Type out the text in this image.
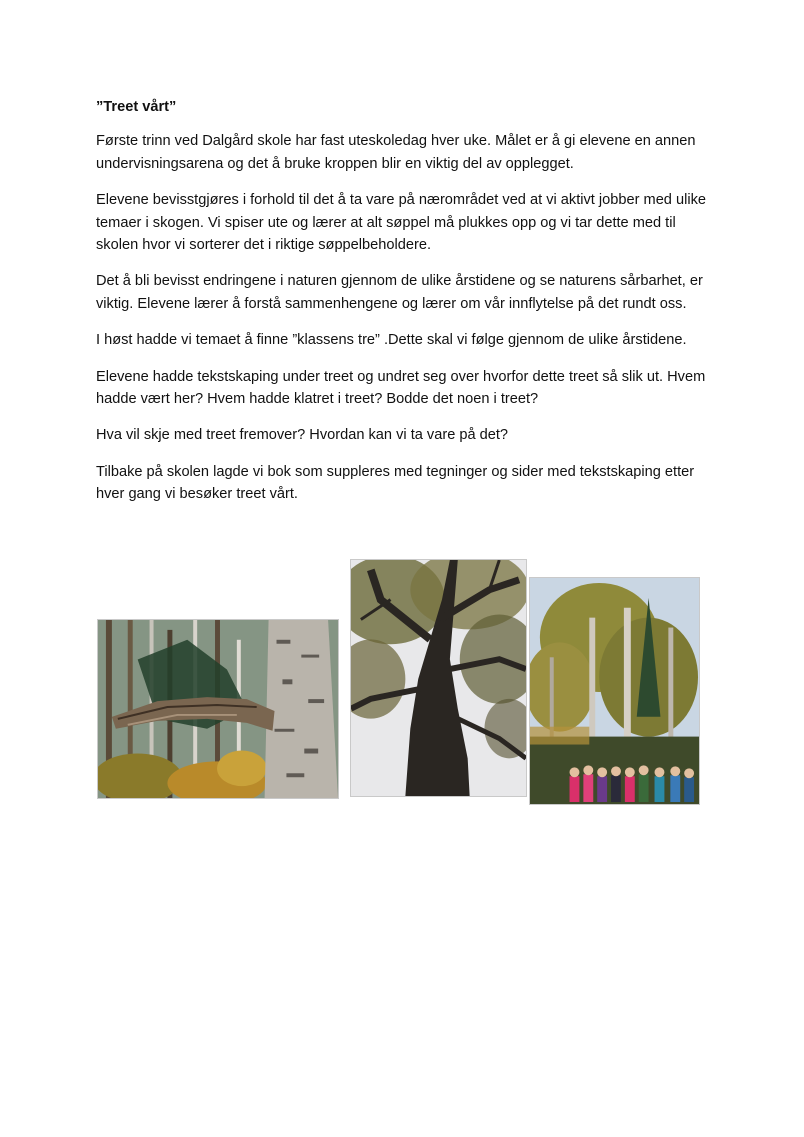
”Treet vårt”

Første trinn ved Dalgård skole har fast uteskoledag hver uke. Målet er å gi elevene en annen undervisningsarena og det å bruke kroppen blir en viktig del av opplegget.

Elevene bevisstgjøres i forhold til det å ta vare på nærområdet ved at vi aktivt jobber med ulike temaer i skogen. Vi spiser ute og lærer at alt søppel må plukkes opp og vi tar dette med til skolen hvor vi sorterer det i riktige søppelbeholdere.

Det å bli bevisst endringene i naturen gjennom de ulike årstidene og se naturens sårbarhet, er viktig. Elevene lærer å forstå sammenhengene og lærer om vår innflytelse på det rundt oss.

I høst hadde vi temaet å finne ”klassens tre” .Dette skal vi følge gjennom de ulike årstidene.

Elevene hadde tekstskaping under treet og undret seg over hvorfor dette treet så slik ut. Hvem hadde vært her? Hvem hadde klatret i treet? Bodde det noen i treet?

Hva vil skje med treet fremover? Hvordan kan vi ta vare på det?

Tilbake på skolen lagde vi bok som suppleres med tegninger og sider med tekstskaping etter hver gang vi besøker treet vårt.
